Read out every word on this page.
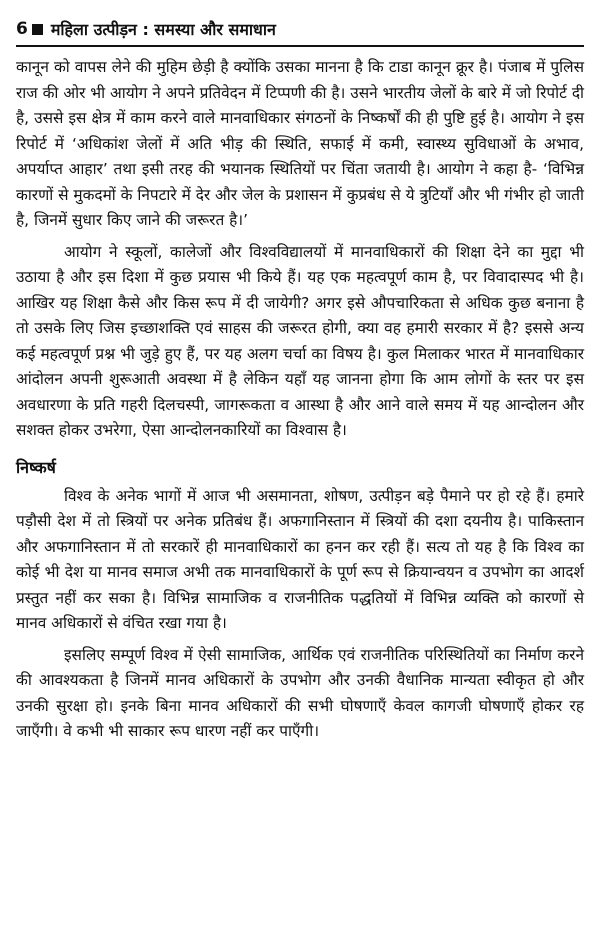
6 महिला उत्पीड़न : समस्या और समाधान

कानून को वापस लेने की मुहिम छेड़ी है क्योंकि उसका मानना है कि टाडा कानून क्रूर है। पंजाब में पुलिस राज की ओर भी आयोग ने अपने प्रतिवेदन में टिप्पणी की है। उसने भारतीय जेलों के बारे में जो रिपोर्ट दी है, उससे इस क्षेत्र में काम करने वाले मानवाधिकार संगठनों के निष्कर्षों की ही पुष्टि हुई है। आयोग ने इस रिपोर्ट में ‘अधिकांश जेलों में अति भीड़ की स्थिति, सफाई में कमी, स्वास्थ्य सुविधाओं के अभाव, अपर्याप्त आहार’ तथा इसी तरह की भयानक स्थितियों पर चिंता जतायी है। आयोग ने कहा है- ‘विभिन्न कारणों से मुकदमों के निपटारे में देर और जेल के प्रशासन में कुप्रबंध से ये त्रुटियाँ और भी गंभीर हो जाती है, जिनमें सुधार किए जाने की जरूरत है।’

आयोग ने स्कूलों, कालेजों और विश्वविद्यालयों में मानवाधिकारों की शिक्षा देने का मुद्दा भी उठाया है और इस दिशा में कुछ प्रयास भी किये हैं। यह एक महत्वपूर्ण काम है, पर विवादास्पद भी है। आखिर यह शिक्षा कैसे और किस रूप में दी जायेगी? अगर इसे औपचारिकता से अधिक कुछ बनाना है तो उसके लिए जिस इच्छाशक्ति एवं साहस की जरूरत होगी, क्या वह हमारी सरकार में है? इससे अन्य कई महत्वपूर्ण प्रश्न भी जुड़े हुए हैं, पर यह अलग चर्चा का विषय है। कुल मिलाकर भारत में मानवाधिकार आंदोलन अपनी शुरूआती अवस्था में है लेकिन यहाँ यह जानना होगा कि आम लोगों के स्तर पर इस अवधारणा के प्रति गहरी दिलचस्पी, जागरूकता व आस्था है और आने वाले समय में यह आन्दोलन और सशक्त होकर उभरेगा, ऐसा आन्दोलनकारियों का विश्वास है।

निष्कर्ष

विश्व के अनेक भागों में आज भी असमानता, शोषण, उत्पीड़न बड़े पैमाने पर हो रहे हैं। हमारे पड़ौसी देश में तो स्त्रियों पर अनेक प्रतिबंध हैं। अफगानिस्तान में स्त्रियों की दशा दयनीय है। पाकिस्तान और अफगानिस्तान में तो सरकारें ही मानवाधिकारों का हनन कर रही हैं। सत्य तो यह है कि विश्व का कोई भी देश या मानव समाज अभी तक मानवाधिकारों के पूर्ण रूप से क्रियान्वयन व उपभोग का आदर्श प्रस्तुत नहीं कर सका है। विभिन्न सामाजिक व राजनीतिक पद्धतियों में विभिन्न व्यक्ति को कारणों से मानव अधिकारों से वंचित रखा गया है।

इसलिए सम्पूर्ण विश्व में ऐसी सामाजिक, आर्थिक एवं राजनीतिक परिस्थितियों का निर्माण करने की आवश्यकता है जिनमें मानव अधिकारों के उपभोग और उनकी वैधानिक मान्यता स्वीकृत हो और उनकी सुरक्षा हो। इनके बिना मानव अधिकारों की सभी घोषणाएँ केवल कागजी घोषणाएँ होकर रह जाएँगी। वे कभी भी साकार रूप धारण नहीं कर पाएँगी।
